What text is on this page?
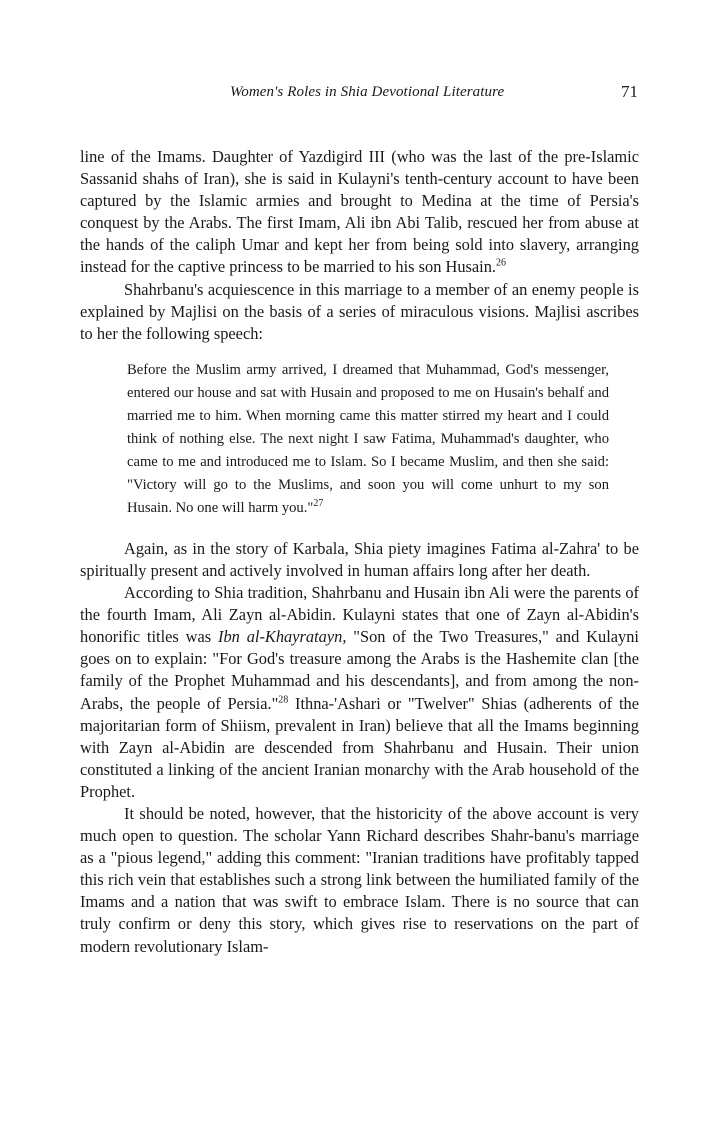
Women's Roles in Shia Devotional Literature	71

line of the Imams. Daughter of Yazdigird III (who was the last of the pre-Islamic Sassanid shahs of Iran), she is said in Kulayni's tenth-century account to have been captured by the Islamic armies and brought to Medina at the time of Persia's conquest by the Arabs. The first Imam, Ali ibn Abi Talib, rescued her from abuse at the hands of the caliph Umar and kept her from being sold into slavery, arranging instead for the captive princess to be married to his son Husain.$^{26}$

Shahrbanu's acquiescence in this marriage to a member of an enemy people is explained by Majlisi on the basis of a series of miraculous visions. Majlisi ascribes to her the following speech:

Before the Muslim army arrived, I dreamed that Muhammad, God's messenger, entered our house and sat with Husain and proposed to me on Husain's behalf and married me to him. When morning came this matter stirred my heart and I could think of nothing else. The next night I saw Fatima, Muhammad's daughter, who came to me and introduced me to Islam. So I became Muslim, and then she said: "Victory will go to the Muslims, and soon you will come unhurt to my son Husain. No one will harm you."$^{27}$

Again, as in the story of Karbala, Shia piety imagines Fatima al-Zahra' to be spiritually present and actively involved in human affairs long after her death.

According to Shia tradition, Shahrbanu and Husain ibn Ali were the parents of the fourth Imam, Ali Zayn al-Abidin. Kulayni states that one of Zayn al-Abidin's honorific titles was Ibn al-Khayratayn, "Son of the Two Treasures," and Kulayni goes on to explain: "For God's treasure among the Arabs is the Hashemite clan [the family of the Prophet Muhammad and his descendants], and from among the non-Arabs, the people of Persia."$^{28}$ Ithna-'Ashari or "Twelver" Shias (adherents of the majoritarian form of Shiism, prevalent in Iran) believe that all the Imams beginning with Zayn al-Abidin are descended from Shahrbanu and Husain. Their union constituted a linking of the ancient Iranian monarchy with the Arab household of the Prophet.

It should be noted, however, that the historicity of the above account is very much open to question. The scholar Yann Richard describes Shahr-banu's marriage as a "pious legend," adding this comment: "Iranian traditions have profitably tapped this rich vein that establishes such a strong link between the humiliated family of the Imams and a nation that was swift to embrace Islam. There is no source that can truly confirm or deny this story, which gives rise to reservations on the part of modern revolutionary Islam-
